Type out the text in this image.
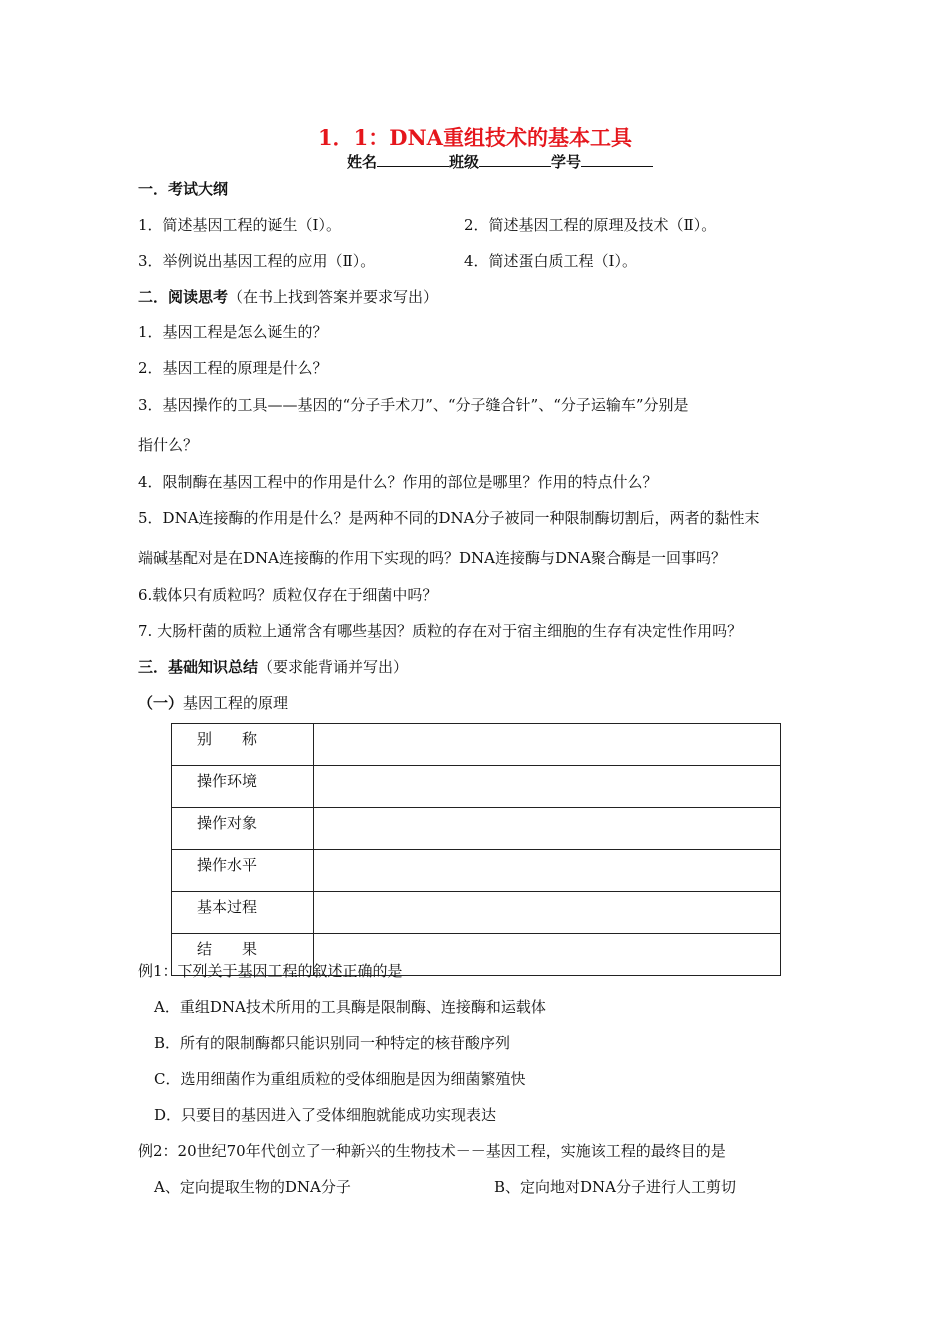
1．1：DNA重组技术的基本工具
姓名	班级	学号
一．考试大纲
1．简述基因工程的诞生（Ⅰ）。	2．简述基因工程的原理及技术（Ⅱ）。
3．举例说出基因工程的应用（Ⅱ）。	4．简述蛋白质工程（Ⅰ）。
二．阅读思考（在书上找到答案并要求写出）
1．基因工程是怎么诞生的？
2．基因工程的原理是什么？
3．基因操作的工具——基因的“分子手术刀”、“分子缝合针”、“分子运输车”分别是
指什么？
4．限制酶在基因工程中的作用是什么？作用的部位是哪里？作用的特点什么？
5．DNA连接酶的作用是什么？是两种不同的DNA分子被同一种限制酶切割后，两者的黏性末
端碱基配对是在DNA连接酶的作用下实现的吗？DNA连接酶与DNA聚合酶是一回事吗？
6.载体只有质粒吗？质粒仅存在于细菌中吗？
7. 大肠杆菌的质粒上通常含有哪些基因？质粒的存在对于宿主细胞的生存有决定性作用吗？
三．基础知识总结（要求能背诵并写出）
（一）基因工程的原理
别　　称	
操作环境	
操作对象	
操作水平	
基本过程	
结　　果	
例1：下列关于基因工程的叙述正确的是
A．重组DNA技术所用的工具酶是限制酶、连接酶和运载体
B．所有的限制酶都只能识别同一种特定的核苷酸序列
C．选用细菌作为重组质粒的受体细胞是因为细菌繁殖快
D．只要目的基因进入了受体细胞就能成功实现表达
例2：20世纪70年代创立了一种新兴的生物技术－－基因工程，实施该工程的最终目的是
A、定向提取生物的DNA分子	B、定向地对DNA分子进行人工剪切
